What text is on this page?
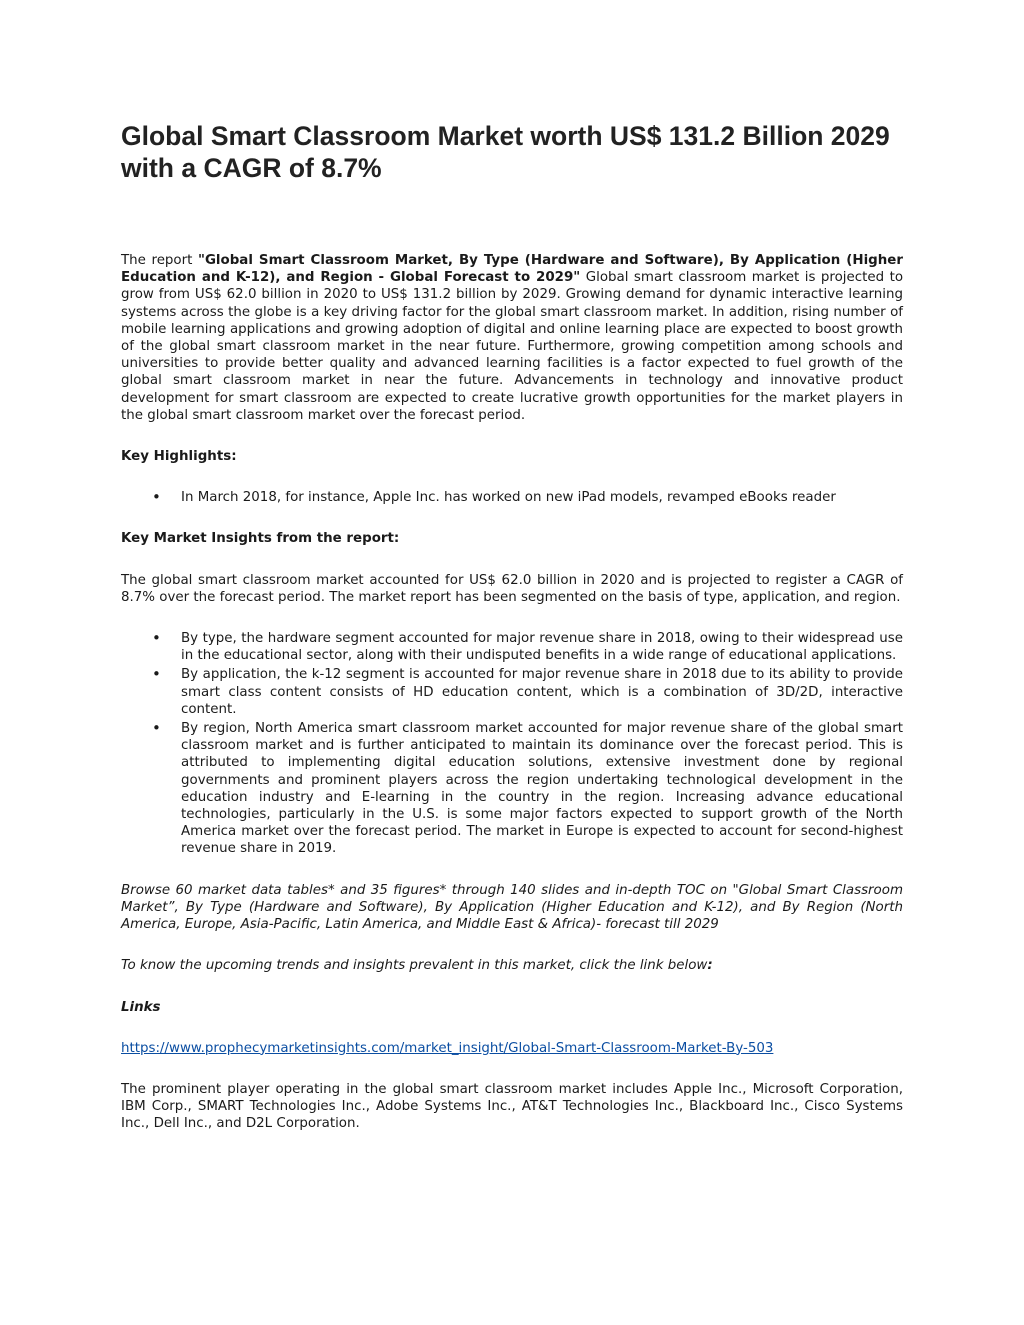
Global Smart Classroom Market worth US$ 131.2 Billion 2029 with a CAGR of 8.7%

The report "Global Smart Classroom Market, By Type (Hardware and Software), By Application (Higher Education and K-12), and Region - Global Forecast to 2029" Global smart classroom market is projected to grow from US$ 62.0 billion in 2020 to US$ 131.2 billion by 2029. Growing demand for dynamic interactive learning systems across the globe is a key driving factor for the global smart classroom market. In addition, rising number of mobile learning applications and growing adoption of digital and online learning place are expected to boost growth of the global smart classroom market in the near future. Furthermore, growing competition among schools and universities to provide better quality and advanced learning facilities is a factor expected to fuel growth of the global smart classroom market in near the future. Advancements in technology and innovative product development for smart classroom are expected to create lucrative growth opportunities for the market players in the global smart classroom market over the forecast period.

Key Highlights:

• In March 2018, for instance, Apple Inc. has worked on new iPad models, revamped eBooks reader

Key Market Insights from the report:

The global smart classroom market accounted for US$ 62.0 billion in 2020 and is projected to register a CAGR of 8.7% over the forecast period. The market report has been segmented on the basis of type, application, and region.

• By type, the hardware segment accounted for major revenue share in 2018, owing to their widespread use in the educational sector, along with their undisputed benefits in a wide range of educational applications.
• By application, the k-12 segment is accounted for major revenue share in 2018 due to its ability to provide smart class content consists of HD education content, which is a combination of 3D/2D, interactive content.
• By region, North America smart classroom market accounted for major revenue share of the global smart classroom market and is further anticipated to maintain its dominance over the forecast period. This is attributed to implementing digital education solutions, extensive investment done by regional governments and prominent players across the region undertaking technological development in the education industry and E-learning in the country in the region. Increasing advance educational technologies, particularly in the U.S. is some major factors expected to support growth of the North America market over the forecast period. The market in Europe is expected to account for second-highest revenue share in 2019.

Browse 60 market data tables* and 35 figures* through 140 slides and in-depth TOC on "Global Smart Classroom Market”, By Type (Hardware and Software), By Application (Higher Education and K-12), and By Region (North America, Europe, Asia-Pacific, Latin America, and Middle East & Africa)- forecast till 2029

To know the upcoming trends and insights prevalent in this market, click the link below:

Links

https://www.prophecymarketinsights.com/market_insight/Global-Smart-Classroom-Market-By-503

The prominent player operating in the global smart classroom market includes Apple Inc., Microsoft Corporation, IBM Corp., SMART Technologies Inc., Adobe Systems Inc., AT&T Technologies Inc., Blackboard Inc., Cisco Systems Inc., Dell Inc., and D2L Corporation.
